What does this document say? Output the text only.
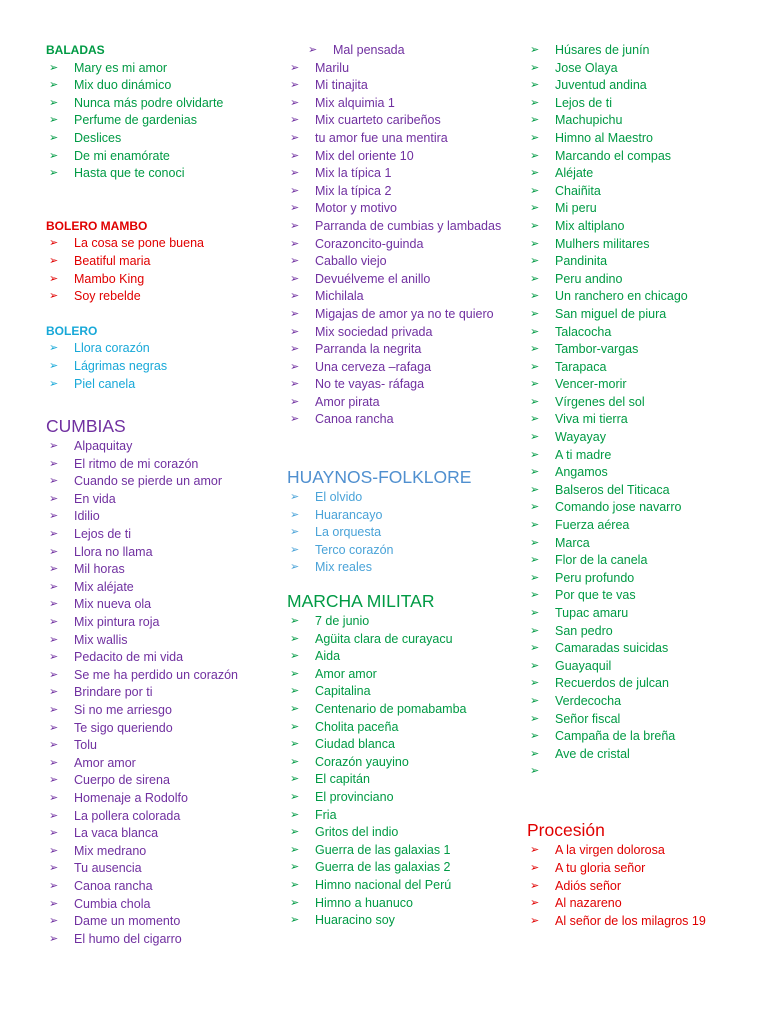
BALADAS
➢ Mary es mi amor
➢ Mix duo dinámico
➢ Nunca más podre olvidarte
➢ Perfume de gardenias
➢ Deslices
➢ De mi enamórate
➢ Hasta que te conoci
BOLERO MAMBO
➢ La cosa se pone buena
➢ Beatiful maria
➢ Mambo King
➢ Soy rebelde
BOLERO
➢ Llora corazón
➢ Lágrimas negras
➢ Piel canela
CUMBIAS
➢ Alpaquitay
➢ El ritmo de mi corazón
➢ Cuando se pierde un amor
➢ En vida
➢ Idilio
➢ Lejos de ti
➢ Llora no llama
➢ Mil horas
➢ Mix aléjate
➢ Mix nueva ola
➢ Mix pintura roja
➢ Mix wallis
➢ Pedacito de mi vida
➢ Se me ha perdido un corazón
➢ Brindare por ti
➢ Si no me arriesgo
➢ Te sigo queriendo
➢ Tolu
➢ Amor amor
➢ Cuerpo de sirena
➢ Homenaje a Rodolfo
➢ La pollera colorada
➢ La vaca blanca
➢ Mix medrano
➢ Tu ausencia
➢ Canoa rancha
➢ Cumbia chola
➢ Dame un momento
➢ El humo del cigarro
➢ Mal pensada
➢ Marilu
➢ Mi tinajita
➢ Mix alquimia 1
➢ Mix cuarteto caribeños
➢ tu amor fue una mentira
➢ Mix del oriente 10
➢ Mix la típica 1
➢ Mix la típica 2
➢ Motor y motivo
➢ Parranda de cumbias y lambadas
➢ Corazoncito-guinda
➢ Caballo viejo
➢ Devuélveme el anillo
➢ Michilala
➢ Migajas de amor ya no te quiero
➢ Mix sociedad privada
➢ Parranda la negrita
➢ Una cerveza –rafaga
➢ No te vayas- ráfaga
➢ Amor pirata
➢ Canoa rancha
HUAYNOS-FOLKLORE
➢ El olvido
➢ Huarancayo
➢ La orquesta
➢ Terco corazón
➢ Mix reales
MARCHA MILITAR
➢ 7 de junio
➢ Agüita clara de curayacu
➢ Aida
➢ Amor amor
➢ Capitalina
➢ Centenario de pomabamba
➢ Cholita paceña
➢ Ciudad blanca
➢ Corazón yauyino
➢ El capitán
➢ El provinciano
➢ Fria
➢ Gritos del indio
➢ Guerra de las galaxias 1
➢ Guerra de las galaxias 2
➢ Himno nacional del Perú
➢ Himno a huanuco
➢ Huaracino soy
➢ Húsares de junín
➢ Jose Olaya
➢ Juventud andina
➢ Lejos de ti
➢ Machupichu
➢ Himno al Maestro
➢ Marcando el compas
➢ Aléjate
➢ Chaiñita
➢ Mi peru
➢ Mix altiplano
➢ Mulhers militares
➢ Pandinita
➢ Peru andino
➢ Un ranchero en chicago
➢ San miguel de piura
➢ Talacocha
➢ Tambor-vargas
➢ Tarapaca
➢ Vencer-morir
➢ Vírgenes del sol
➢ Viva mi tierra
➢ Wayayay
➢ A ti madre
➢ Angamos
➢ Balseros del Titicaca
➢ Comando jose navarro
➢ Fuerza aérea
➢ Marca
➢ Flor de la canela
➢ Peru profundo
➢ Por que te vas
➢ Tupac amaru
➢ San pedro
➢ Camaradas suicidas
➢ Guayaquil
➢ Recuerdos de julcan
➢ Verdecocha
➢ Señor fiscal
➢ Campaña de la breña
➢ Ave de cristal
➢
Procesión
➢ A la virgen dolorosa
➢ A tu gloria señor
➢ Adiós señor
➢ Al nazareno
➢ Al señor de los milagros 19
